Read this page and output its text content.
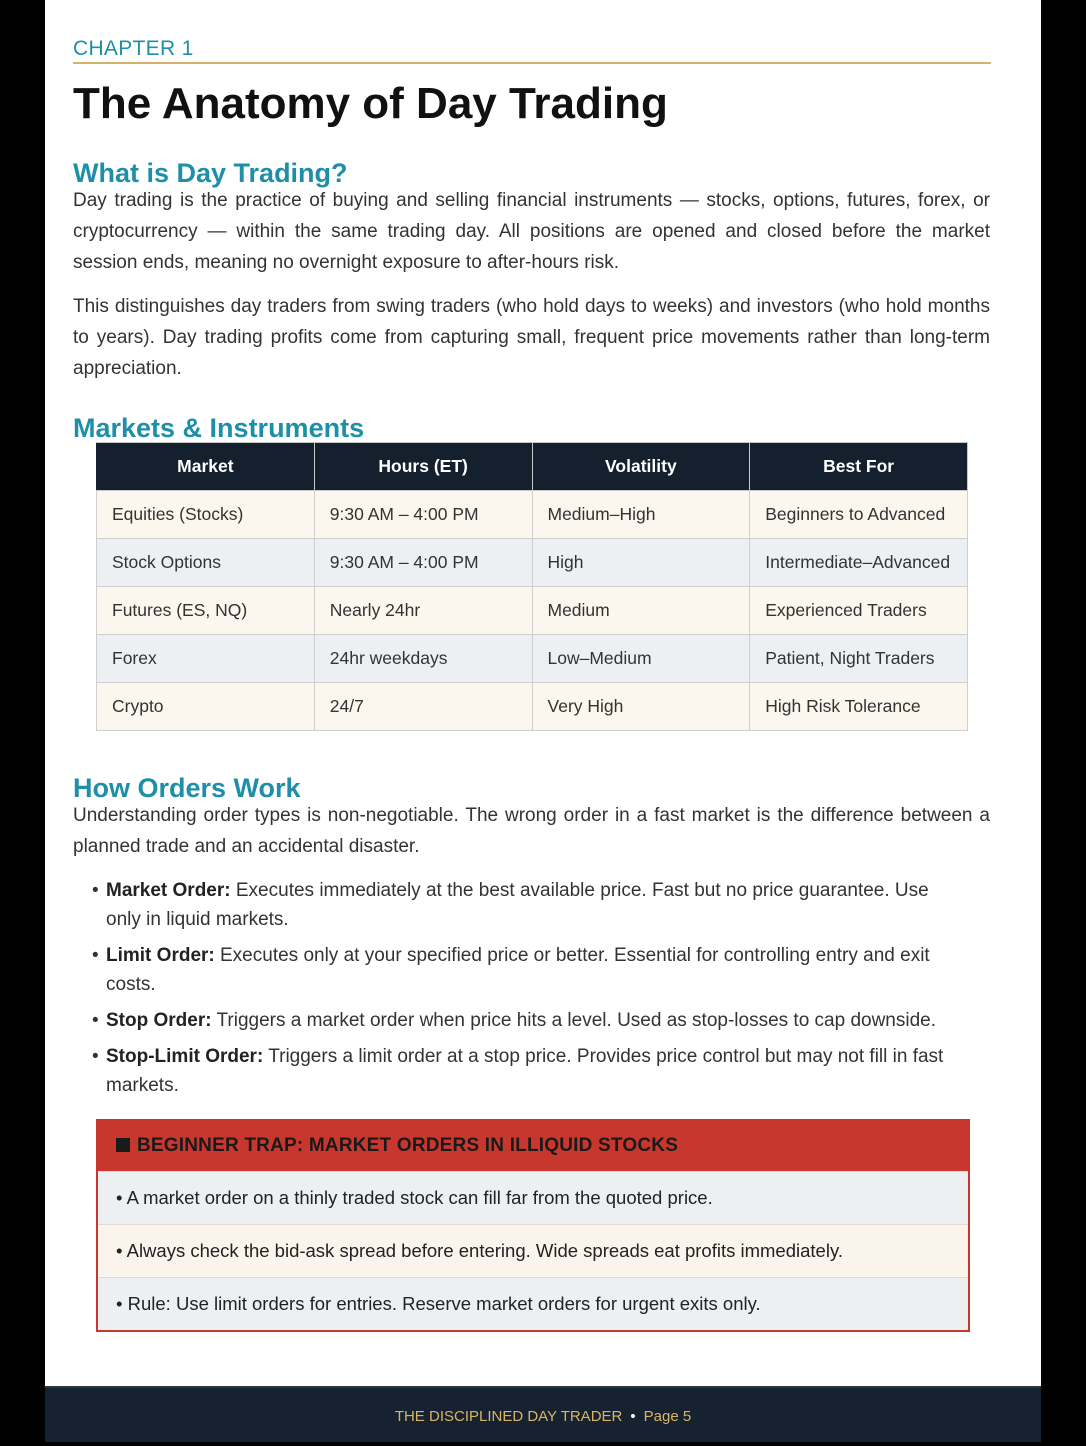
CHAPTER 1
The Anatomy of Day Trading
What is Day Trading?

Day trading is the practice of buying and selling financial instruments — stocks, options, futures, forex, or cryptocurrency — within the same trading day. All positions are opened and closed before the market session ends, meaning no overnight exposure to after-hours risk.

This distinguishes day traders from swing traders (who hold days to weeks) and investors (who hold months to years). Day trading profits come from capturing small, frequent price movements rather than long-term appreciation.

Markets & Instruments
Market	Hours (ET)	Volatility	Best For
Equities (Stocks)	9:30 AM – 4:00 PM	Medium–High	Beginners to Advanced
Stock Options	9:30 AM – 4:00 PM	High	Intermediate–Advanced
Futures (ES, NQ)	Nearly 24hr	Medium	Experienced Traders
Forex	24hr weekdays	Low–Medium	Patient, Night Traders
Crypto	24/7	Very High	High Risk Tolerance
How Orders Work

Understanding order types is non-negotiable. The wrong order in a fast market is the difference between a planned trade and an accidental disaster.

• Market Order: Executes immediately at the best available price. Fast but no price guarantee. Use only in liquid markets.
• Limit Order: Executes only at your specified price or better. Essential for controlling entry and exit costs.
• Stop Order: Triggers a market order when price hits a level. Used as stop-losses to cap downside.
• Stop-Limit Order: Triggers a limit order at a stop price. Provides price control but may not fill in fast markets.
BEGINNER TRAP: MARKET ORDERS IN ILLIQUID STOCKS
• A market order on a thinly traded stock can fill far from the quoted price.
• Always check the bid-ask spread before entering. Wide spreads eat profits immediately.
• Rule: Use limit orders for entries. Reserve market orders for urgent exits only.
THE DISCIPLINED DAY TRADER • Page 5
